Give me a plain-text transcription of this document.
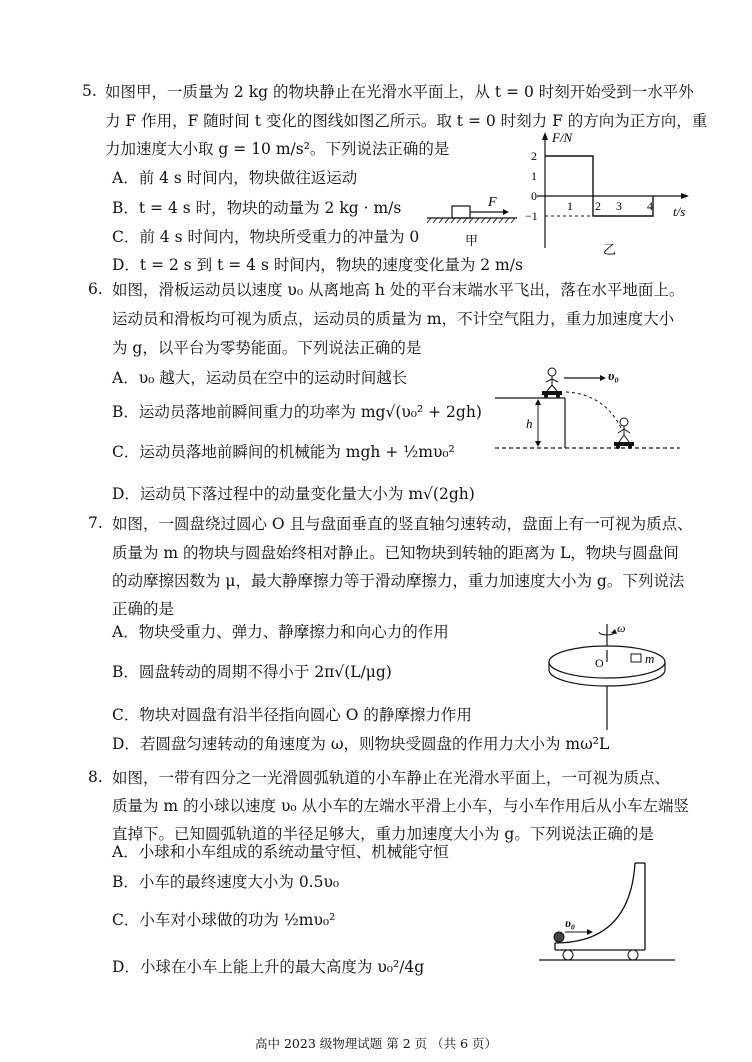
5. 如图甲，一质量为 2 kg 的物块静止在光滑水平面上，从 t = 0 时刻开始受到一水平外
力 F 作用，F 随时间 t 变化的图线如图乙所示。取 t = 0 时刻力 F 的方向为正方向，重
力加速度大小取 g = 10 m/s²。下列说法正确的是
A．前 4 s 时间内，物块做往返运动
B．t = 4 s 时，物块的动量为 2 kg · m/s
C．前 4 s 时间内，物块所受重力的冲量为 0
D．t = 2 s 到 t = 4 s 时间内，物块的速度变化量为 2 m/s
F
甲
F/N
t/s
2
1
0
−1
1 2 3 4
乙
6. 如图，滑板运动员以速度 υ₀ 从离地高 h 处的平台末端水平飞出，落在水平地面上。
运动员和滑板均可视为质点，运动员的质量为 m，不计空气阻力，重力加速度大小
为 g，以平台为零势能面。下列说法正确的是
A．υ₀ 越大，运动员在空中的运动时间越长
B．运动员落地前瞬间重力的功率为 mg√(υ₀² + 2gh)
C．运动员落地前瞬间的机械能为 mgh + ½mυ₀²
D．运动员下落过程中的动量变化量大小为 m√(2gh)
h
υ₀
7. 如图，一圆盘绕过圆心 O 且与盘面垂直的竖直轴匀速转动，盘面上有一可视为质点、
质量为 m 的物块与圆盘始终相对静止。已知物块到转轴的距离为 L，物块与圆盘间
的动摩擦因数为 μ，最大静摩擦力等于滑动摩擦力，重力加速度大小为 g。下列说法
正确的是
A．物块受重力、弹力、静摩擦力和向心力的作用
B．圆盘转动的周期不得小于 2π√(L/μg)
C．物块对圆盘有沿半径指向圆心 O 的静摩擦力作用
D．若圆盘匀速转动的角速度为 ω，则物块受圆盘的作用力大小为 mω²L
ω
O	m
8. 如图，一带有四分之一光滑圆弧轨道的小车静止在光滑水平面上，一可视为质点、
质量为 m 的小球以速度 υ₀ 从小车的左端水平滑上小车，与小车作用后从小车左端竖
直掉下。已知圆弧轨道的半径足够大，重力加速度大小为 g。下列说法正确的是
A．小球和小车组成的系统动量守恒、机械能守恒
B．小车的最终速度大小为 0.5υ₀
C．小车对小球做的功为 ½mυ₀²
D．小球在小车上能上升的最大高度为 υ₀²/4g
υ₀
高中 2023 级物理试题 第 2 页 （共 6 页）
